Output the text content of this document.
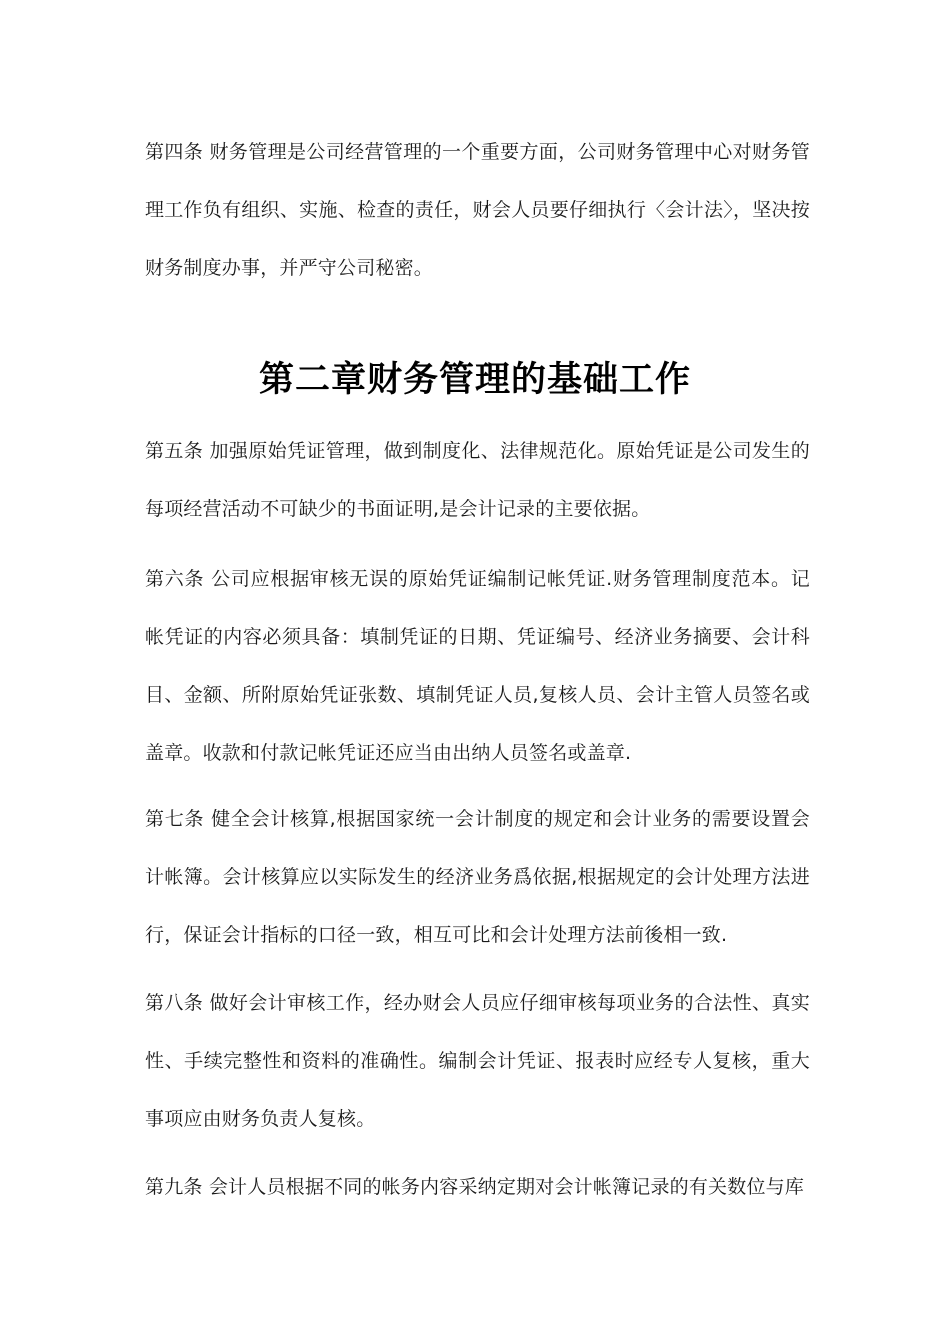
第四条 财务管理是公司经营管理的一个重要方面，公司财务管理中心对财务管理工作负有组织、实施、检查的责任，财会人员要仔细执行〈会计法〉，坚决按财务制度办事，并严守公司秘密。

第二章财务管理的基础工作

第五条 加强原始凭证管理，做到制度化、法律规范化。原始凭证是公司发生的每项经营活动不可缺少的书面证明,是会计记录的主要依据。

第六条 公司应根据审核无误的原始凭证编制记帐凭证.财务管理制度范本。记帐凭证的内容必须具备：填制凭证的日期、凭证编号、经济业务摘要、会计科目、金额、所附原始凭证张数、填制凭证人员,复核人员、会计主管人员签名或盖章。收款和付款记帐凭证还应当由出纳人员签名或盖章.

第七条 健全会计核算,根据国家统一会计制度的规定和会计业务的需要设置会计帐簿。会计核算应以实际发生的经济业务爲依据,根据规定的会计处理方法进行，保证会计指标的口径一致，相互可比和会计处理方法前後相一致.

第八条 做好会计审核工作，经办财会人员应仔细审核每项业务的合法性、真实性、手续完整性和资料的准确性。编制会计凭证、报表时应经专人复核，重大事项应由财务负责人复核。

第九条 会计人员根据不同的帐务内容采纳定期对会计帐簿记录的有关数位与库
